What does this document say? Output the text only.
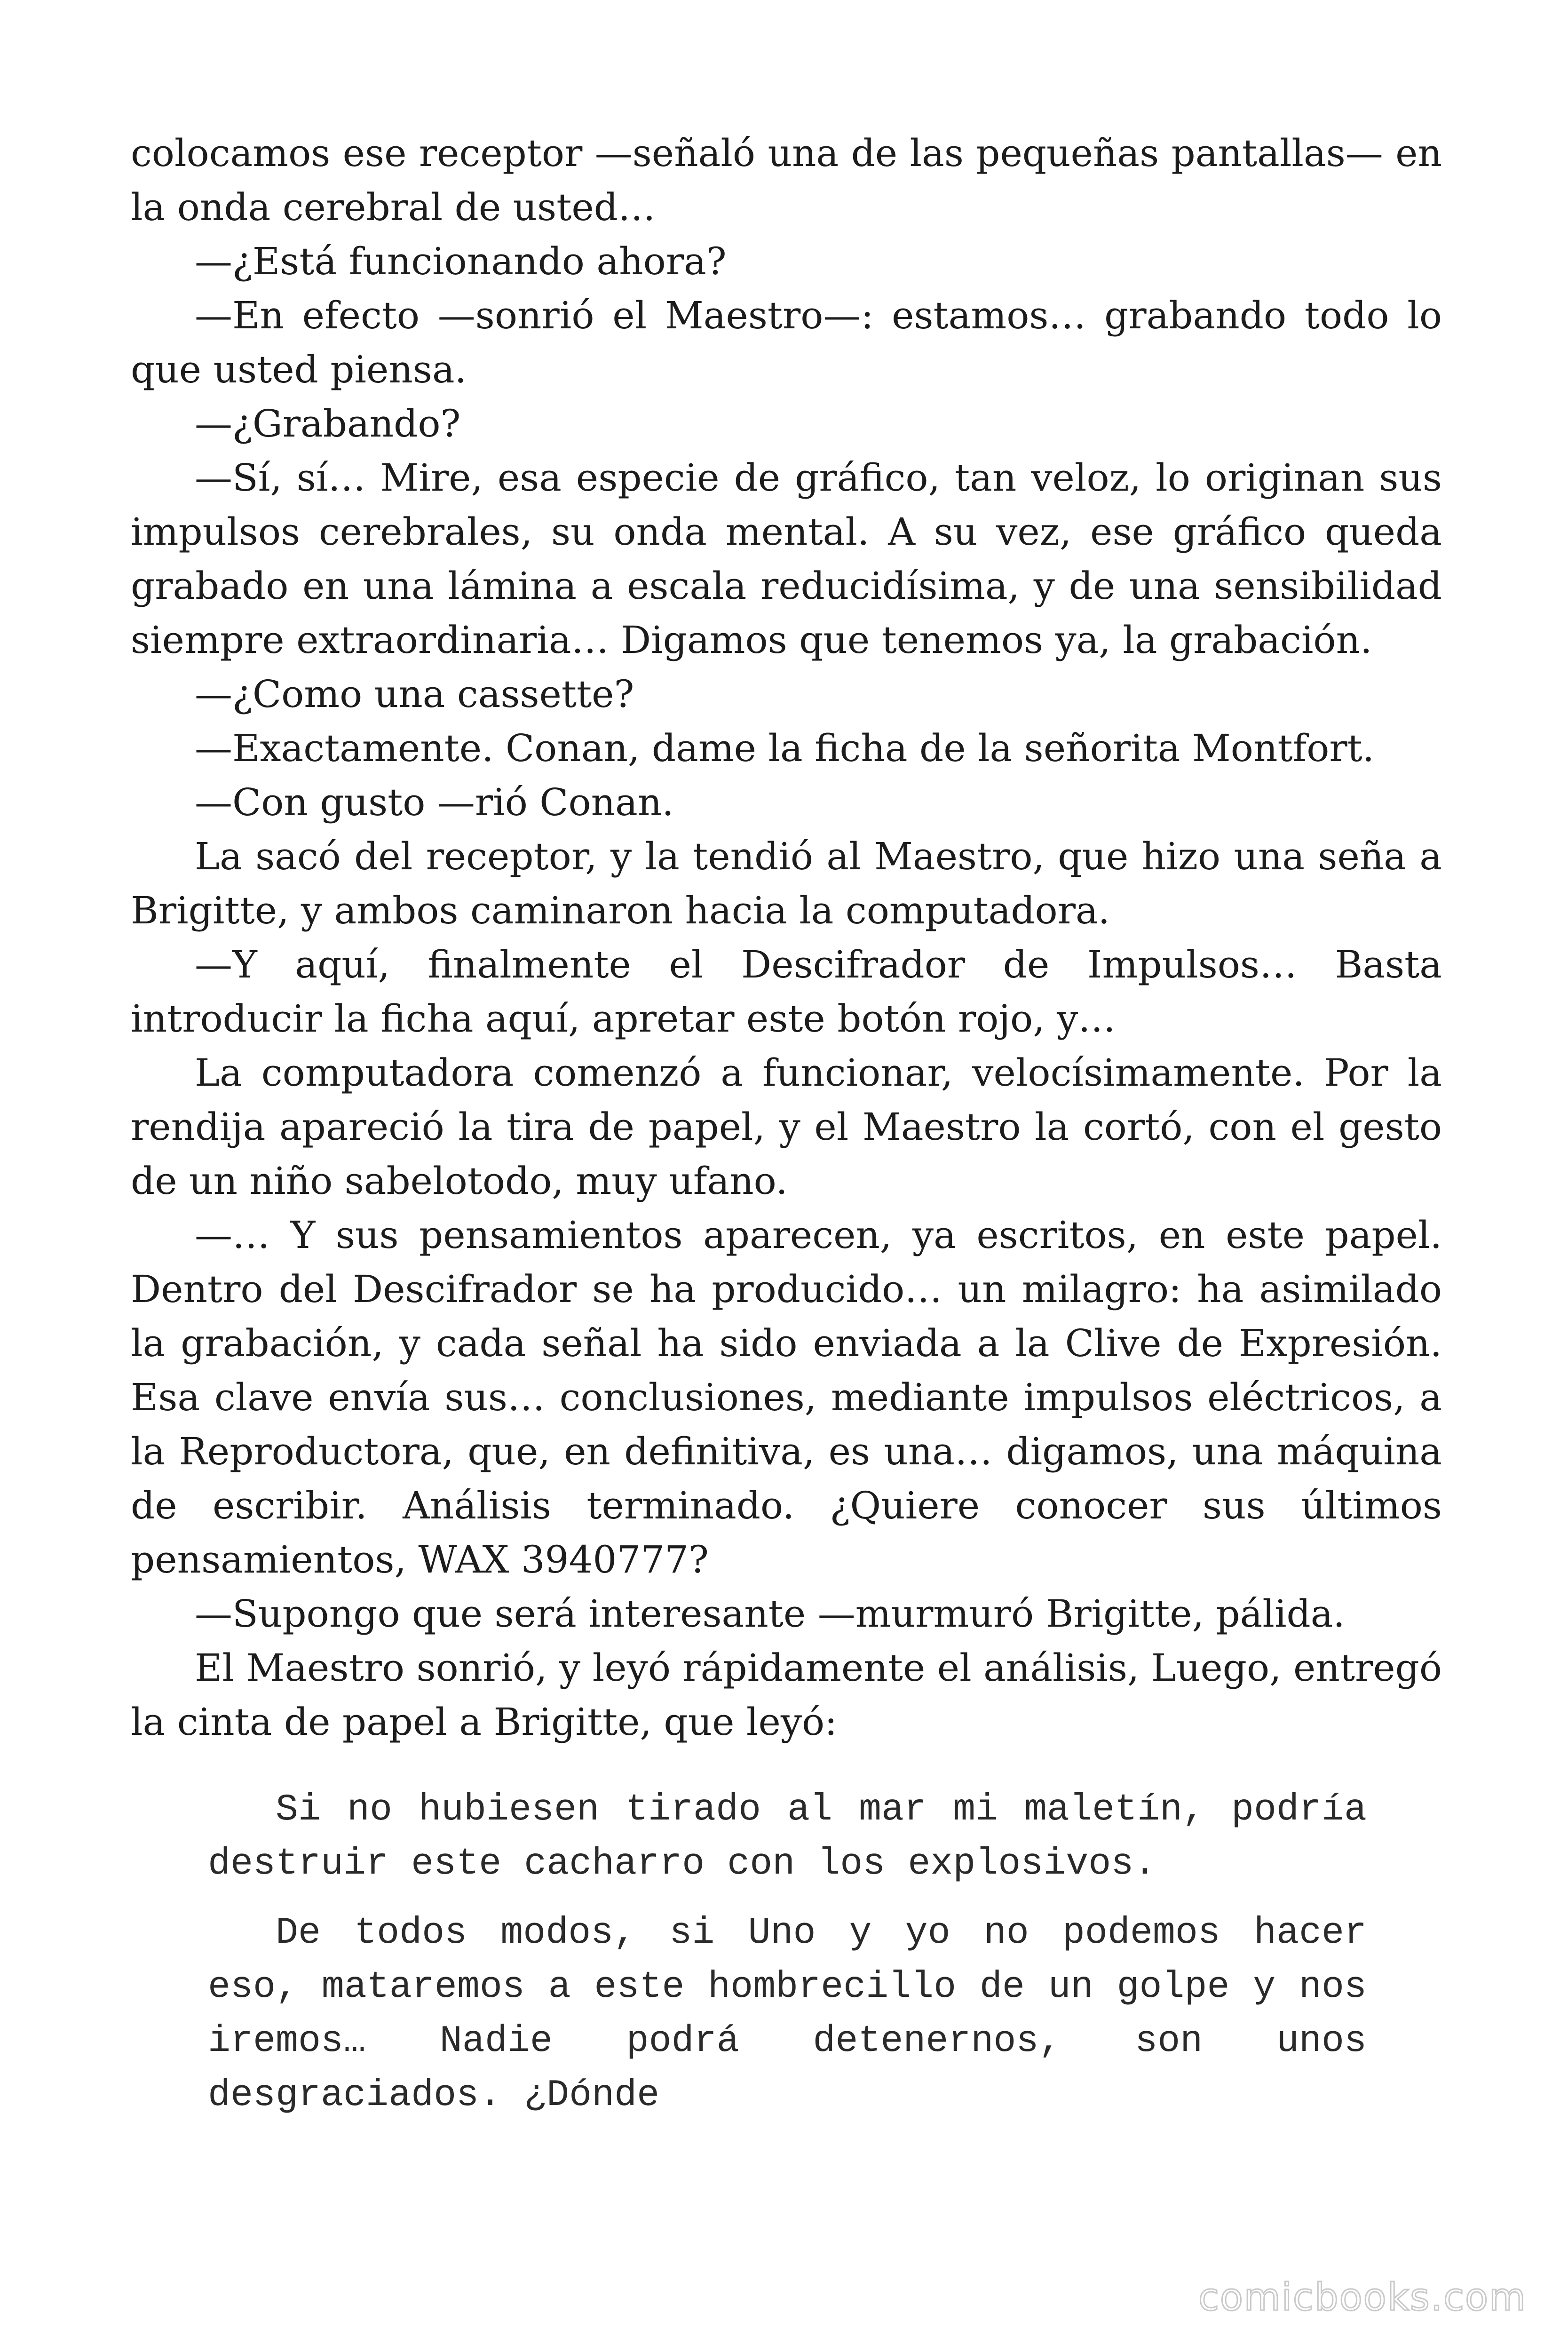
colocamos ese receptor —señaló una de las pequeñas pantallas— en la onda cerebral de usted…

—¿Está funcionando ahora?

—En efecto —sonrió el Maestro—: estamos… grabando todo lo que usted piensa.

—¿Grabando?

—Sí, sí… Mire, esa especie de gráfico, tan veloz, lo originan sus impulsos cerebrales, su onda mental. A su vez, ese gráfico queda grabado en una lámina a escala reducidísima, y de una sensibilidad siempre extraordinaria… Digamos que tenemos ya, la grabación.

—¿Como una cassette?

—Exactamente. Conan, dame la ficha de la señorita Montfort.

—Con gusto —rió Conan.

La sacó del receptor, y la tendió al Maestro, que hizo una seña a Brigitte, y ambos caminaron hacia la computadora.

—Y aquí, finalmente el Descifrador de Impulsos… Basta introducir la ficha aquí, apretar este botón rojo, y…

La computadora comenzó a funcionar, velocísimamente. Por la rendija apareció la tira de papel, y el Maestro la cortó, con el gesto de un niño sabelotodo, muy ufano.

—… Y sus pensamientos aparecen, ya escritos, en este papel. Dentro del Descifrador se ha producido… un milagro: ha asimilado la grabación, y cada señal ha sido enviada a la Clive de Expresión. Esa clave envía sus… conclusiones, mediante impulsos eléctricos, a la Reproductora, que, en definitiva, es una… digamos, una máquina de escribir. Análisis terminado. ¿Quiere conocer sus últimos pensamientos, WAX 3940777?

—Supongo que será interesante —murmuró Brigitte, pálida.

El Maestro sonrió, y leyó rápidamente el análisis, Luego, entregó la cinta de papel a Brigitte, que leyó:

Si no hubiesen tirado al mar mi maletín, podría destruir este cacharro con los explosivos.

De todos modos, si Uno y yo no podemos hacer eso, mataremos a este hombrecillo de un golpe y nos iremos… Nadie podrá detenernos, son unos desgraciados. ¿Dónde

comicbooks.com
